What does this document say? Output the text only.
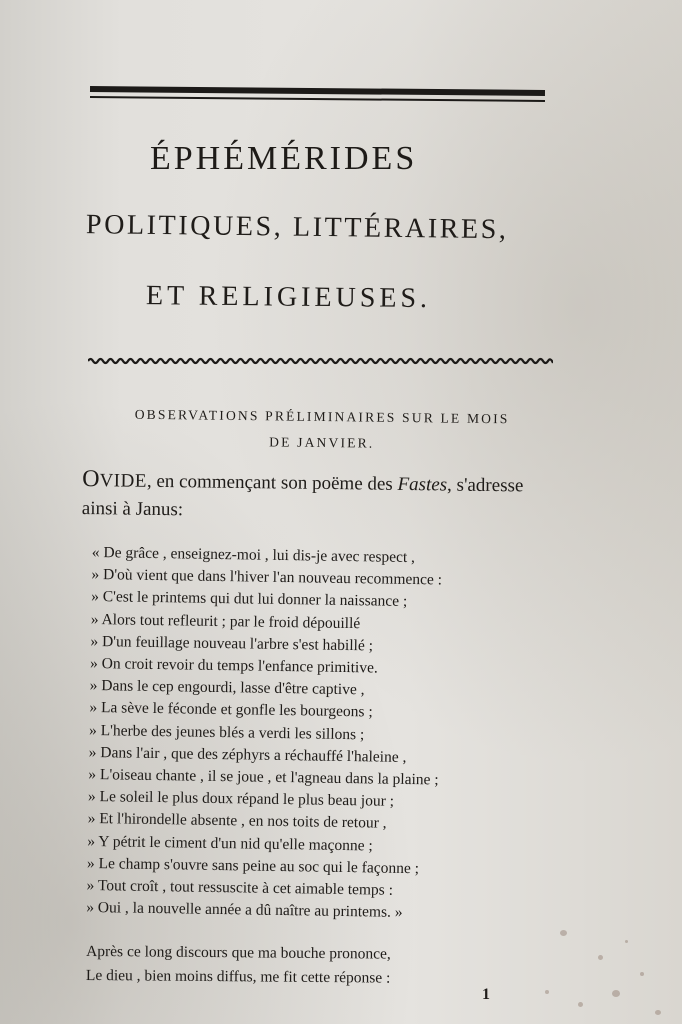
ÉPHÉMÉRIDES
POLITIQUES, LITTÉRAIRES,
ET RELIGIEUSES.
OBSERVATIONS PRÉLIMINAIRES SUR LE MOIS
DE JANVIER.
OVIDE, en commençant son poëme des Fastes, s'adresse
ainsi à Janus:
« De grâce , enseignez-moi , lui dis-je avec respect ,
» D'où vient que dans l'hiver l'an nouveau recommence :
» C'est le printems qui dut lui donner la naissance ;
» Alors tout refleurit ; par le froid dépouillé
» D'un feuillage nouveau l'arbre s'est habillé ;
» On croit revoir du temps l'enfance primitive.
» Dans le cep engourdi, lasse d'être captive ,
» La sève le féconde et gonfle les bourgeons ;
» L'herbe des jeunes blés a verdi les sillons ;
» Dans l'air , que des zéphyrs a réchauffé l'haleine ,
» L'oiseau chante , il se joue , et l'agneau dans la plaine ;
» Le soleil le plus doux répand le plus beau jour ;
» Et l'hirondelle absente , en nos toits de retour ,
» Y pétrit le ciment d'un nid qu'elle maçonne ;
» Le champ s'ouvre sans peine au soc qui le façonne ;
» Tout croît , tout ressuscite à cet aimable temps :
» Oui , la nouvelle année a dû naître au printems. »
Après ce long discours que ma bouche prononce,
Le dieu , bien moins diffus, me fit cette réponse :
1
